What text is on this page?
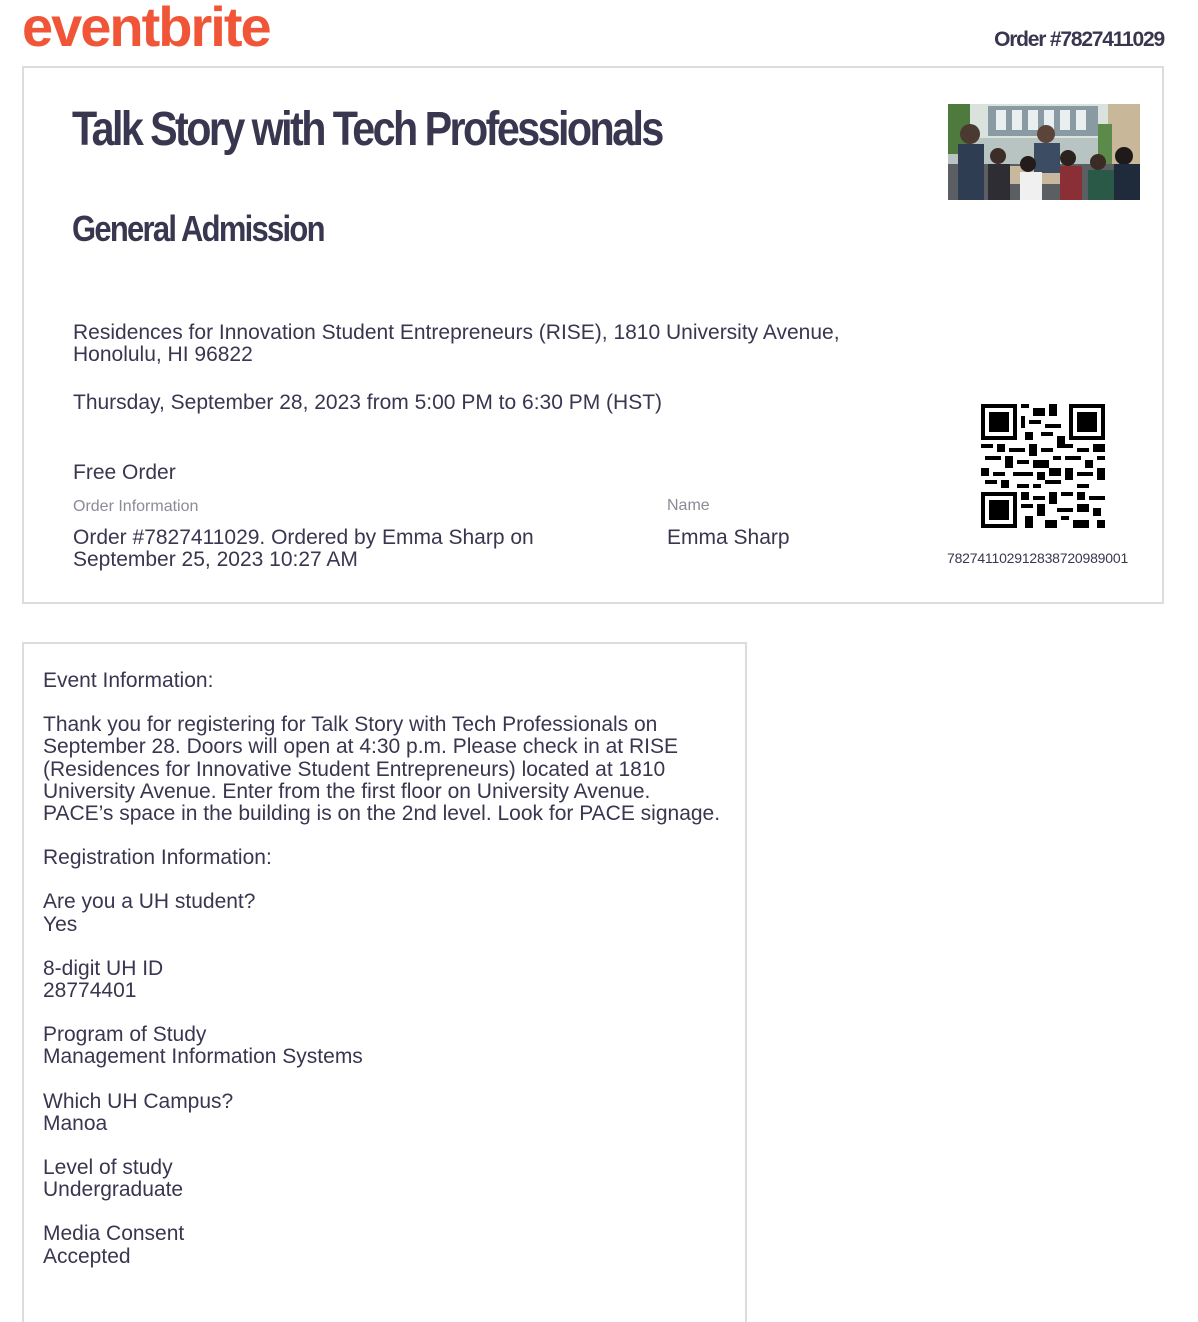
eventbrite	Order #7827411029
Talk Story with Tech Professionals
General Admission
Residences for Innovation Student Entrepreneurs (RISE), 1810 University Avenue, Honolulu, HI 96822
Thursday, September 28, 2023 from 5:00 PM to 6:30 PM (HST)
Free Order
Order Information
Order #7827411029. Ordered by Emma Sharp on September 25, 2023 10:27 AM
Name
Emma Sharp
782741102912838720989001

Event Information:

Thank you for registering for Talk Story with Tech Professionals on September 28. Doors will open at 4:30 p.m. Please check in at RISE (Residences for Innovative Student Entrepreneurs) located at 1810 University Avenue. Enter from the first floor on University Avenue. PACE’s space in the building is on the 2nd level. Look for PACE signage.

Registration Information:

Are you a UH student?
Yes
8-digit UH ID
28774401
Program of Study
Management Information Systems
Which UH Campus?
Manoa
Level of study
Undergraduate
Media Consent
Accepted
